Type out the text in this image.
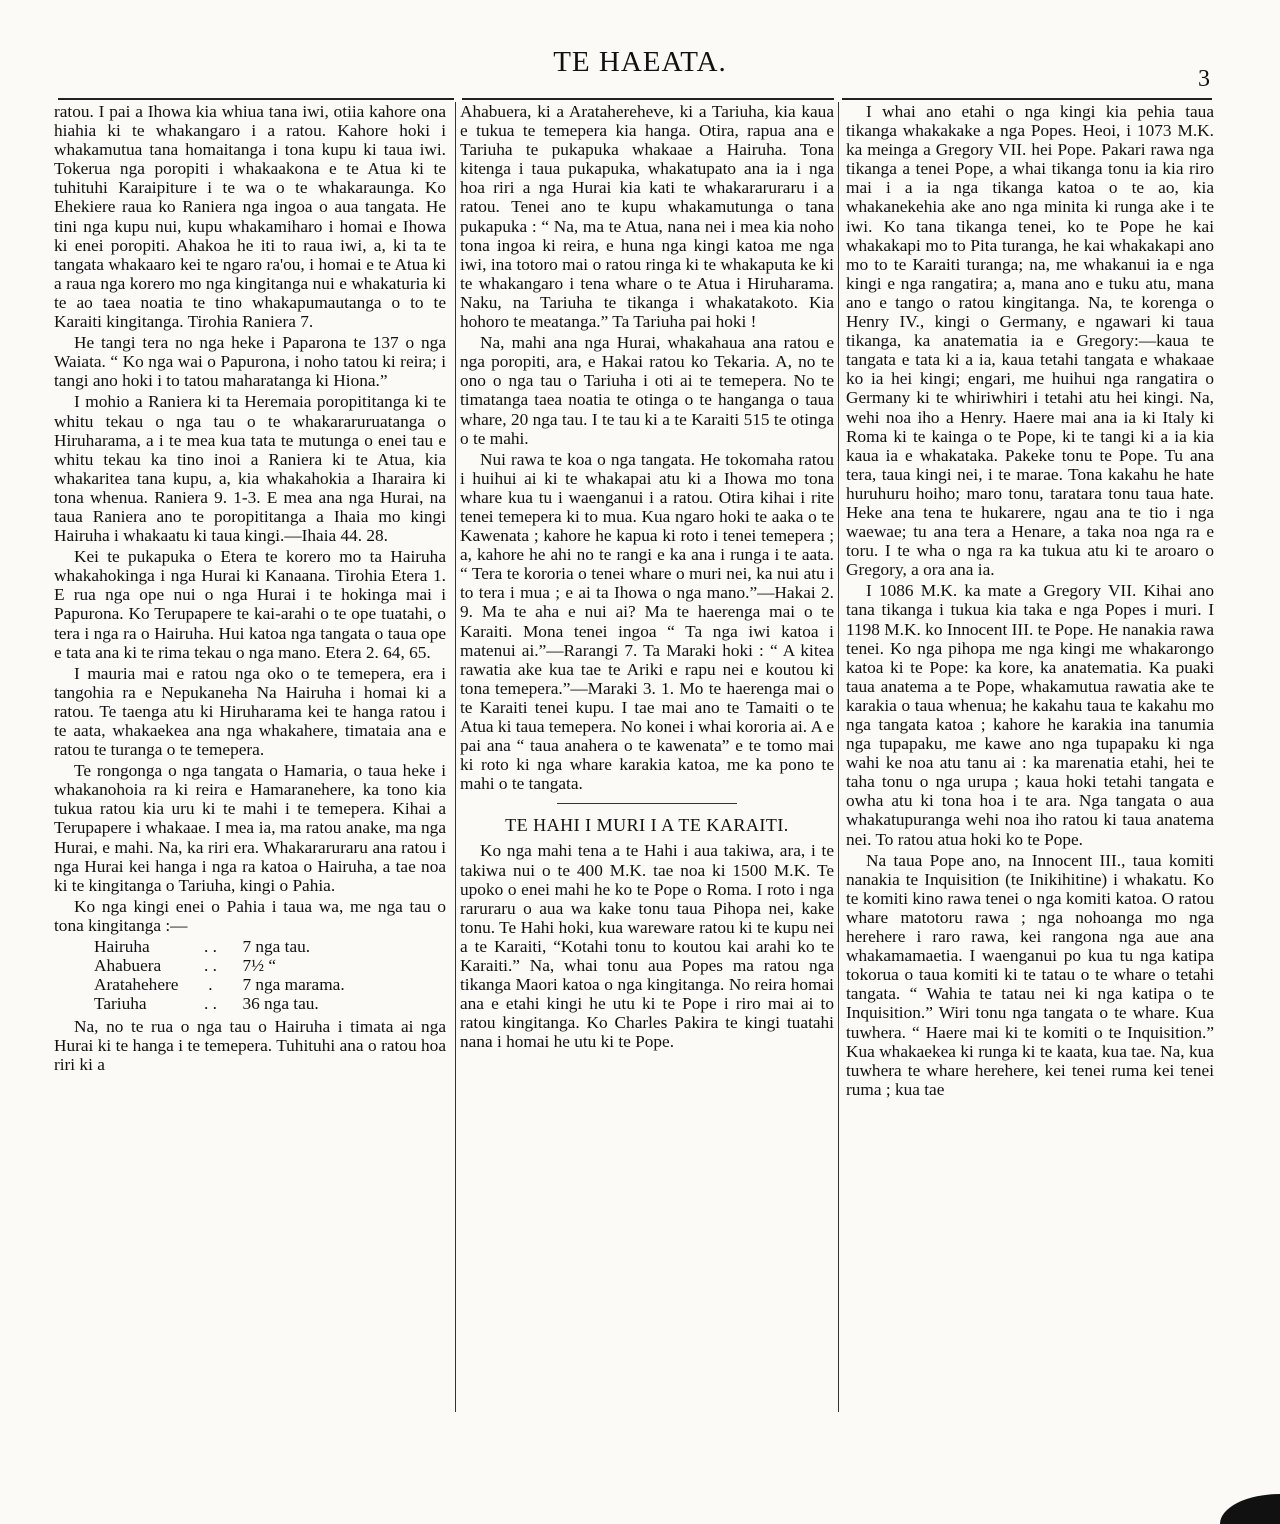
TE HAEATA.
3

ratou. I pai a Ihowa kia whiua tana iwi, otiia kahore ona hiahia ki te whakangaro i a ratou. Kahore hoki i whakamutua tana homaitanga i tona kupu ki taua iwi. Tokerua nga poropiti i whakaakona e te Atua ki te tuhituhi Karaipiture i te wa o te whakaraunga. Ko Ehekiere raua ko Raniera nga ingoa o aua tangata. He tini nga kupu nui, kupu whakamiharo i homai e Ihowa ki enei poropiti. Ahakoa he iti to raua iwi, a, ki ta te tangata whakaaro kei te ngaro ra'ou, i homai e te Atua ki a raua nga korero mo nga kingitanga nui e whakaturia ki te ao taea noatia te tino whakapumautanga o to te Karaiti kingitanga. Tirohia Raniera 7.

He tangi tera no nga heke i Paparona te 137 o nga Waiata. “ Ko nga wai o Papurona, i noho tatou ki reira; i tangi ano hoki i to tatou maharatanga ki Hiona.”

I mohio a Raniera ki ta Heremaia poropititanga ki te whitu tekau o nga tau o te whakararuruatanga o Hiruharama, a i te mea kua tata te mutunga o enei tau e whitu tekau ka tino inoi a Raniera ki te Atua, kia whakaritea tana kupu, a, kia whakahokia a Iharaira ki tona whenua. Raniera 9. 1-3. E mea ana nga Hurai, na taua Raniera ano te poropititanga a Ihaia mo kingi Hairuha i whakaatu ki taua kingi.—Ihaia 44. 28.

Kei te pukapuka o Etera te korero mo ta Hairuha whakahokinga i nga Hurai ki Kanaana. Tirohia Etera 1. E rua nga ope nui o nga Hurai i te hokinga mai i Papurona. Ko Terupapere te kai-arahi o te ope tuatahi, o tera i nga ra o Hairuha. Hui katoa nga tangata o taua ope e tata ana ki te rima tekau o nga mano. Etera 2. 64, 65.

I mauria mai e ratou nga oko o te temepera, era i tangohia ra e Nepukaneha Na Hairuha i homai ki a ratou. Te taenga atu ki Hiruharama kei te hanga ratou i te aata, whakaekea ana nga whakahere, timataia ana e ratou te turanga o te temepera.

Te rongonga o nga tangata o Hamaria, o taua heke i whakanohoia ra ki reira e Hamaranehere, ka tono kia tukua ratou kia uru ki te mahi i te temepera. Kihai a Terupapere i whakaae. I mea ia, ma ratou anake, ma nga Hurai, e mahi. Na, ka riri era. Whakararuraru ana ratou i nga Hurai kei hanga i nga ra katoa o Hairuha, a tae noa ki te kingitanga o Tariuha, kingi o Pahia.

Ko nga kingi enei o Pahia i taua wa, me nga tau o tona kingitanga :—

Hairuha	. .	7 nga tau.
Ahabuera	. .	7½ “
Aratahehere	.	7 nga marama.
Tariuha	. .	36 nga tau.

Na, no te rua o nga tau o Hairuha i timata ai nga Hurai ki te hanga i te temepera. Tuhituhi ana o ratou hoa riri ki a

Ahabuera, ki a Aratahereheve, ki a Tariuha, kia kaua e tukua te temepera kia hanga. Otira, rapua ana e Tariuha te pukapuka whakaae a Hairuha. Tona kitenga i taua pukapuka, whakatupato ana ia i nga hoa riri a nga Hurai kia kati te whakararuraru i a ratou. Tenei ano te kupu whakamutunga o tana pukapuka : “ Na, ma te Atua, nana nei i mea kia noho tona ingoa ki reira, e huna nga kingi katoa me nga iwi, ina totoro mai o ratou ringa ki te whakaputa ke ki te whakangaro i tena whare o te Atua i Hiruharama. Naku, na Tariuha te tikanga i whakatakoto. Kia hohoro te meatanga.” Ta Tariuha pai hoki !

Na, mahi ana nga Hurai, whakahaua ana ratou e nga poropiti, ara, e Hakai ratou ko Tekaria. A, no te ono o nga tau o Tariuha i oti ai te temepera. No te timatanga taea noatia te otinga o te hanganga o taua whare, 20 nga tau. I te tau ki a te Karaiti 515 te otinga o te mahi.

Nui rawa te koa o nga tangata. He tokomaha ratou i huihui ai ki te whakapai atu ki a Ihowa mo tona whare kua tu i waenganui i a ratou. Otira kihai i rite tenei temepera ki to mua. Kua ngaro hoki te aaka o te Kawenata ; kahore he kapua ki roto i tenei temepera ; a, kahore he ahi no te rangi e ka ana i runga i te aata. “ Tera te kororia o tenei whare o muri nei, ka nui atu i to tera i mua ; e ai ta Ihowa o nga mano.”—Hakai 2. 9. Ma te aha e nui ai? Ma te haerenga mai o te Karaiti. Mona tenei ingoa “ Ta nga iwi katoa i matenui ai.”—Rarangi 7. Ta Maraki hoki : “ A kitea rawatia ake kua tae te Ariki e rapu nei e koutou ki tona temepera.”—Maraki 3. 1. Mo te haerenga mai o te Karaiti tenei kupu. I tae mai ano te Tamaiti o te Atua ki taua temepera. No konei i whai kororia ai. A e pai ana “ taua anahera o te kawenata” e te tomo mai ki roto ki nga whare karakia katoa, me ka pono te mahi o te tangata.

TE HAHI I MURI I A TE KARAITI.

Ko nga mahi tena a te Hahi i aua takiwa, ara, i te takiwa nui o te 400 M.K. tae noa ki 1500 M.K. Te upoko o enei mahi he ko te Pope o Roma. I roto i nga raruraru o aua wa kake tonu taua Pihopa nei, kake tonu. Te Hahi hoki, kua wareware ratou ki te kupu nei a te Karaiti, “Kotahi tonu to koutou kai arahi ko te Karaiti.” Na, whai tonu aua Popes ma ratou nga tikanga Maori katoa o nga kingitanga. No reira homai ana e etahi kingi he utu ki te Pope i riro mai ai to ratou kingitanga. Ko Charles Pakira te kingi tuatahi nana i homai he utu ki te Pope.

I whai ano etahi o nga kingi kia pehia taua tikanga whakakake a nga Popes. Heoi, i 1073 M.K. ka meinga a Gregory VII. hei Pope. Pakari rawa nga tikanga a tenei Pope, a whai tikanga tonu ia kia riro mai i a ia nga tikanga katoa o te ao, kia whakanekehia ake ano nga minita ki runga ake i te iwi. Ko tana tikanga tenei, ko te Pope he kai whakakapi mo to Pita turanga, he kai whakakapi ano mo to te Karaiti turanga; na, me whakanui ia e nga kingi e nga rangatira; a, mana ano e tuku atu, mana ano e tango o ratou kingitanga. Na, te korenga o Henry IV., kingi o Germany, e ngawari ki taua tikanga, ka anatematia ia e Gregory:—kaua te tangata e tata ki a ia, kaua tetahi tangata e whakaae ko ia hei kingi; engari, me huihui nga rangatira o Germany ki te whiriwhiri i tetahi atu hei kingi. Na, wehi noa iho a Henry. Haere mai ana ia ki Italy ki Roma ki te kainga o te Pope, ki te tangi ki a ia kia kaua ia e whakataka. Pakeke tonu te Pope. Tu ana tera, taua kingi nei, i te marae. Tona kakahu he hate huruhuru hoiho; maro tonu, taratara tonu taua hate. Heke ana tena te hukarere, ngau ana te tio i nga waewae; tu ana tera a Henare, a taka noa nga ra e toru. I te wha o nga ra ka tukua atu ki te aroaro o Gregory, a ora ana ia.

I 1086 M.K. ka mate a Gregory VII. Kihai ano tana tikanga i tukua kia taka e nga Popes i muri. I 1198 M.K. ko Innocent III. te Pope. He nanakia rawa tenei. Ko nga pihopa me nga kingi me whakarongo katoa ki te Pope: ka kore, ka anatematia. Ka puaki taua anatema a te Pope, whakamutua rawatia ake te karakia o taua whenua; he kakahu taua te kakahu mo nga tangata katoa ; kahore he karakia ina tanumia nga tupapaku, me kawe ano nga tupapaku ki nga wahi ke noa atu tanu ai : ka marenatia etahi, hei te taha tonu o nga urupa ; kaua hoki tetahi tangata e owha atu ki tona hoa i te ara. Nga tangata o aua whakatupuranga wehi noa iho ratou ki taua anatema nei. To ratou atua hoki ko te Pope.

Na taua Pope ano, na Innocent III., taua komiti nanakia te Inquisition (te Inikihitine) i whakatu. Ko te komiti kino rawa tenei o nga komiti katoa. O ratou whare matotoru rawa ; nga nohoanga mo nga herehere i raro rawa, kei rangona nga aue ana whakamamaetia. I waenganui po kua tu nga katipa tokorua o taua komiti ki te tatau o te whare o tetahi tangata. “ Wahia te tatau nei ki nga katipa o te Inquisition.” Wiri tonu nga tangata o te whare. Kua tuwhera. “ Haere mai ki te komiti o te Inquisition.” Kua whakaekea ki runga ki te kaata, kua tae. Na, kua tuwhera te whare herehere, kei tenei ruma kei tenei ruma ; kua tae
